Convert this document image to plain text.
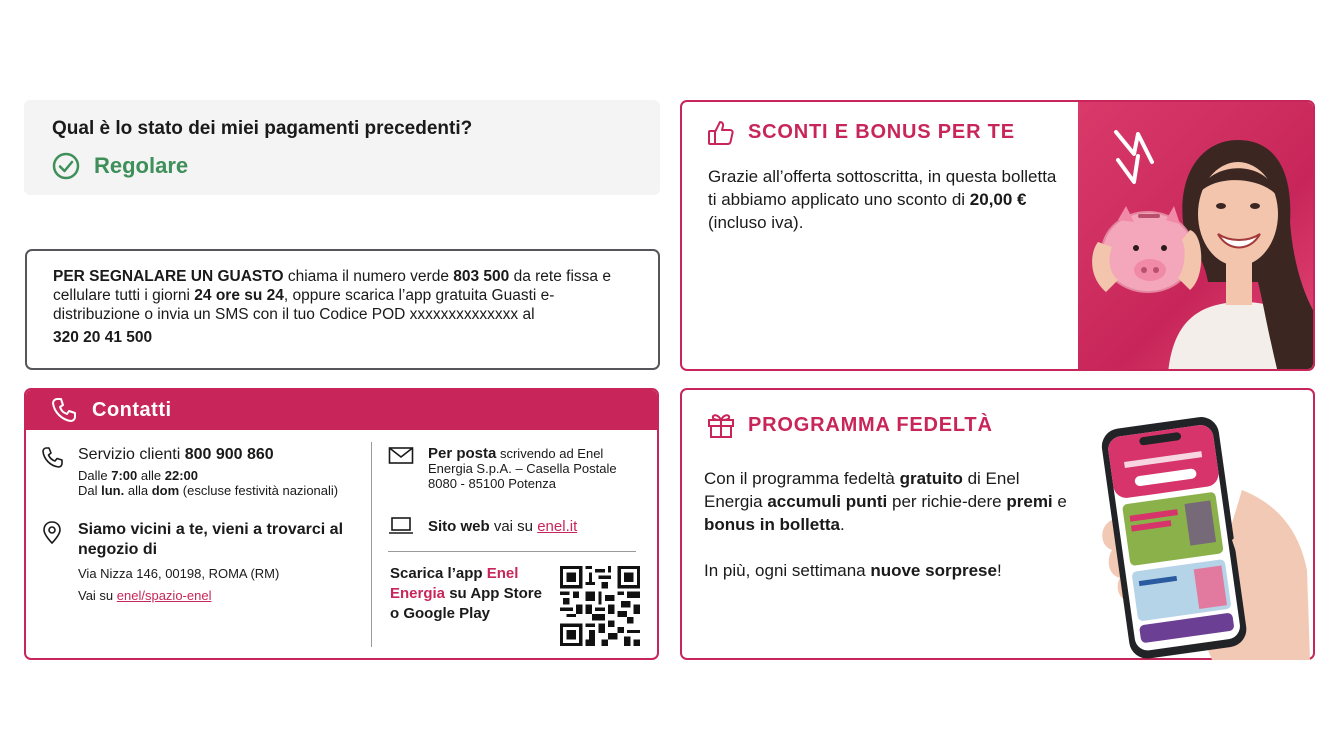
Qual è lo stato dei miei pagamenti precedenti?
Regolare

PER SEGNALARE UN GUASTO chiama il numero verde 803 500 da rete fissa e cellulare tutti i giorni 24 ore su 24, oppure scarica l’app gratuita Guasti e-distribuzione o invia un SMS con il tuo Codice POD xxxxxxxxxxxxxx al

320 20 41 500

Contatti
Servizio clienti 800 900 860
Dalle 7:00 alle 22:00
Dal lun. alla dom (escluse festività nazionali)
Siamo vicini a te, vieni a trovarci al negozio di
Via Nizza 146, 00198, ROMA (RM)
Vai su enel/spazio-enel
Per posta scrivendo ad Enel Energia S.p.A. – Casella Postale 8080 - 85100 Potenza
Sito web vai su enel.it
Scarica l’app Enel Energia su App Store o Google Play
SCONTI E BONUS PER TE
Grazie all’offerta sottoscritta, in questa bolletta ti abbiamo applicato uno sconto di 20,00 € (incluso iva).
PROGRAMMA FEDELTÀ
Con il programma fedeltà gratuito di Enel Energia accumuli punti per richie-dere premi e bonus in bolletta.
In più, ogni settimana nuove sorprese!
